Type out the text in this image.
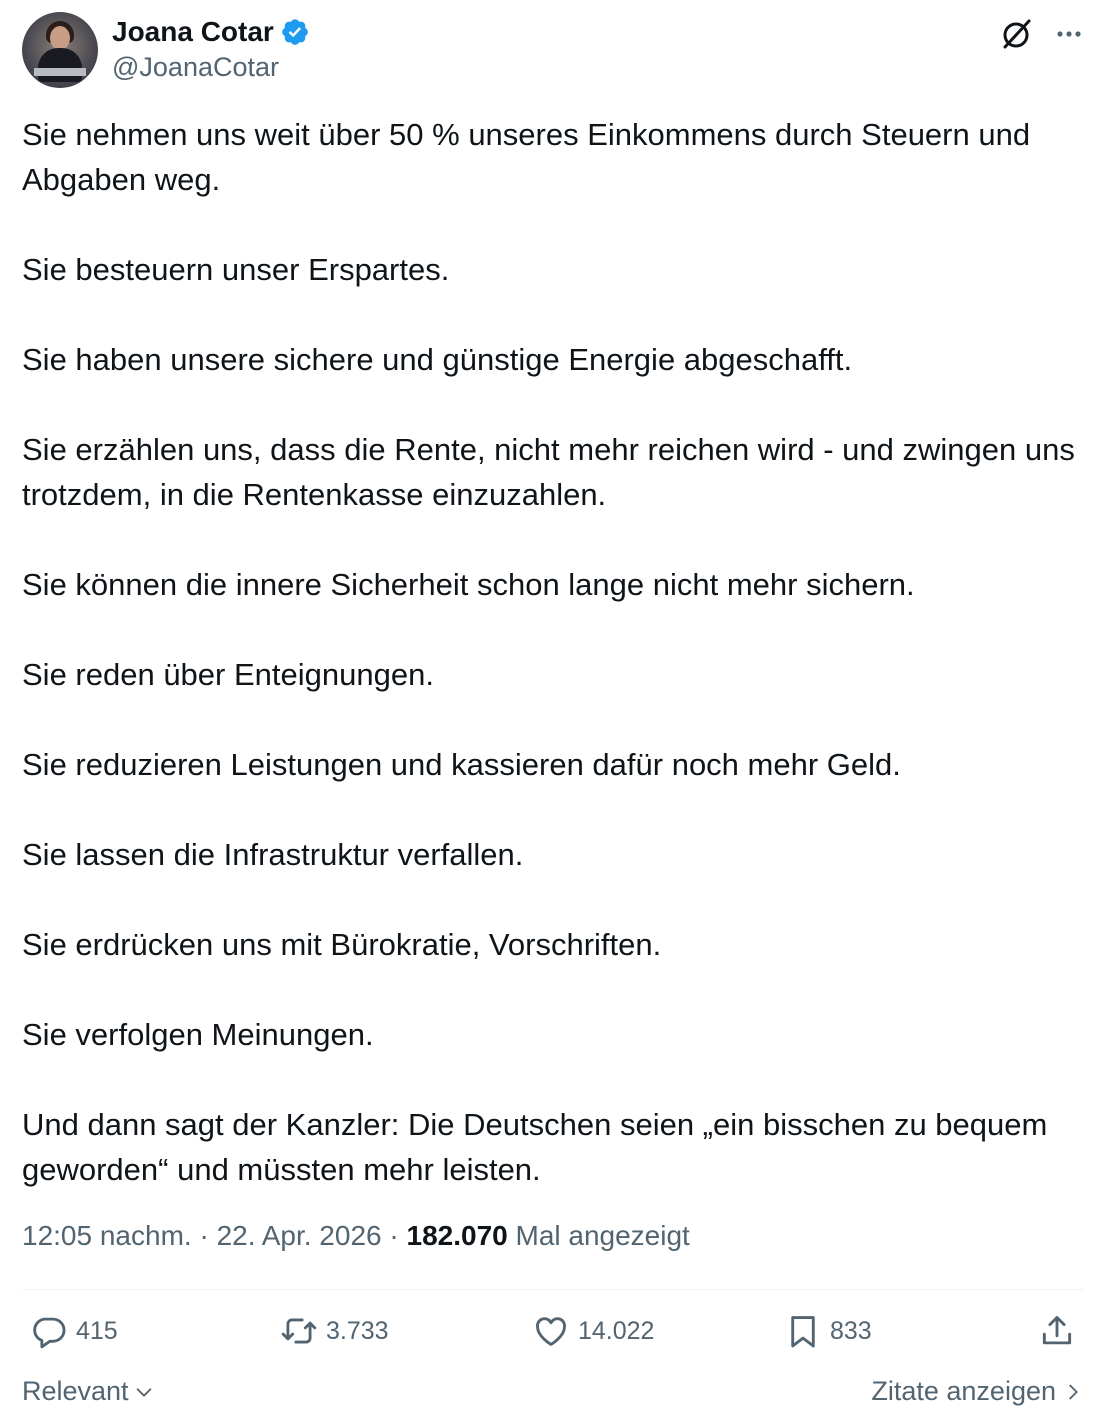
Joana Cotar
@JoanaCotar

Sie nehmen uns weit über 50 % unseres Einkommens durch Steuern und Abgaben weg.

Sie besteuern unser Erspartes.

Sie haben unsere sichere und günstige Energie abgeschafft.

Sie erzählen uns, dass die Rente, nicht mehr reichen wird - und zwingen uns trotzdem, in die Rentenkasse einzuzahlen.

Sie können die innere Sicherheit schon lange nicht mehr sichern.

Sie reden über Enteignungen.

Sie reduzieren Leistungen und kassieren dafür noch mehr Geld.

Sie lassen die Infrastruktur verfallen.

Sie erdrücken uns mit Bürokratie, Vorschriften.

Sie verfolgen Meinungen.

Und dann sagt der Kanzler: Die Deutschen seien „ein bisschen zu bequem geworden“ und müssten mehr leisten.

12:05 nachm. · 22. Apr. 2026 · 182.070 Mal angezeigt
415	3.733	14.022	833
Relevant	Zitate anzeigen
